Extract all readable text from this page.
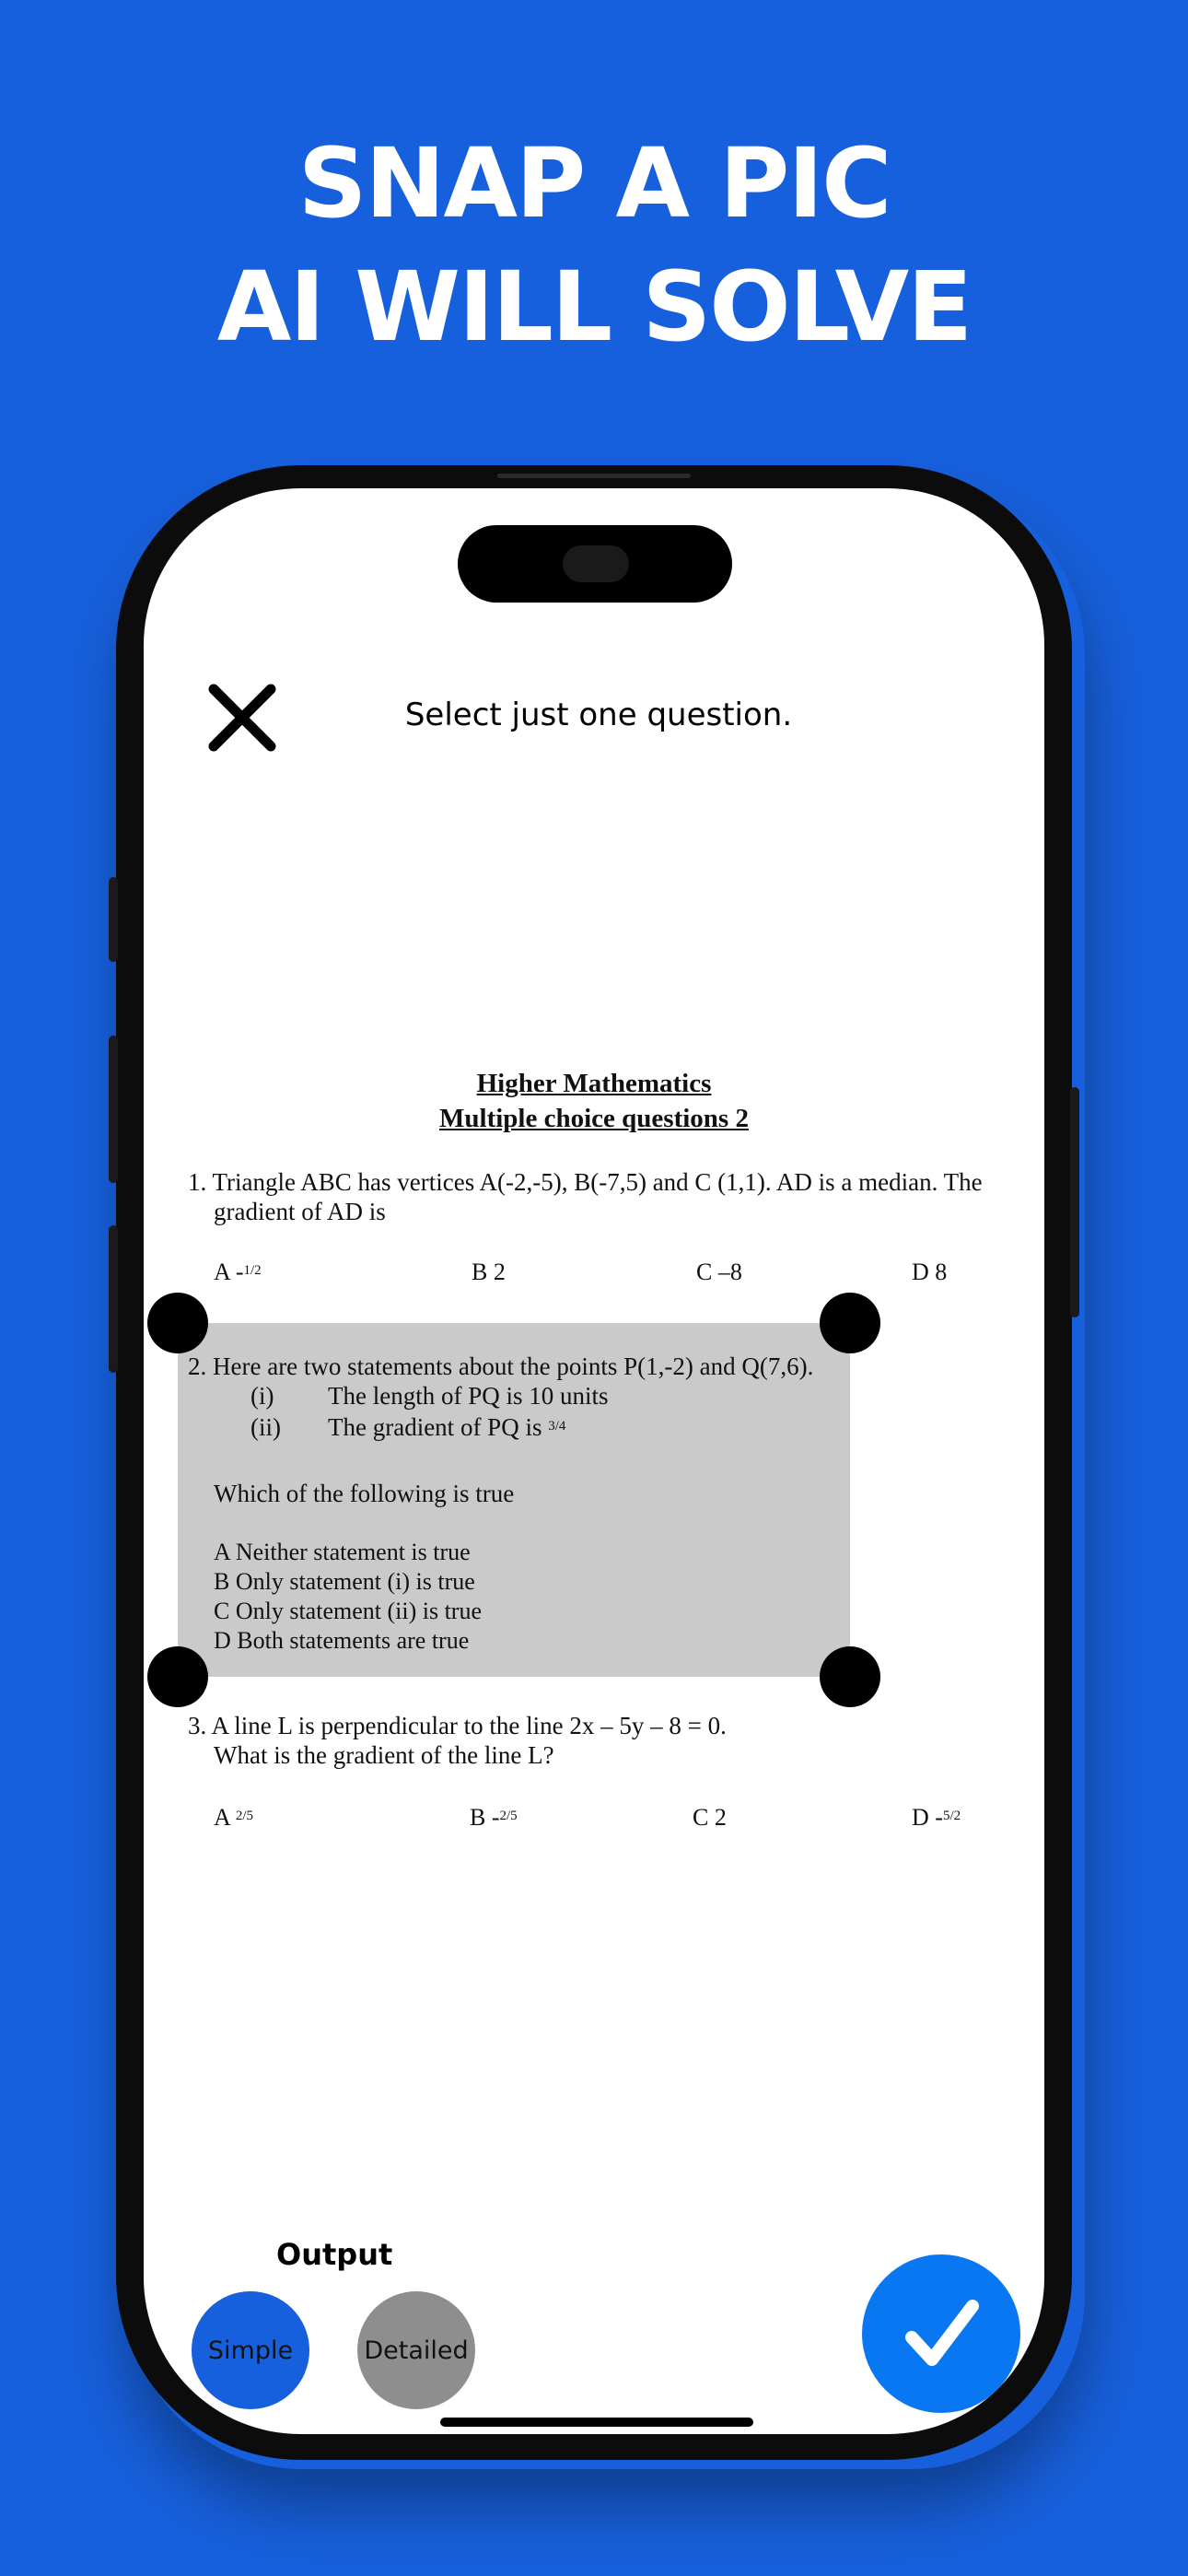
SNAP A PIC
AI WILL SOLVE
Select just one question.
Higher Mathematics
Multiple choice questions 2
1. Triangle ABC has vertices A(-2,-5), B(-7,5) and C (1,1). AD is a median. The
gradient of AD is
A -$^{1/2}$	B 2	C –8	D 8
2. Here are two statements about the points P(1,-2) and Q(7,6).
(i) The length of PQ is 10 units
(ii) The gradient of PQ is $^{3/4}$
Which of the following is true
A Neither statement is true
B Only statement (i) is true
C Only statement (ii) is true
D Both statements are true
3. A line L is perpendicular to the line 2x – 5y – 8 = 0.
What is the gradient of the line L?
A $^{2/5}$	B -$^{2/5}$	C 2	D -$^{5/2}$
Output
Simple	Detailed
